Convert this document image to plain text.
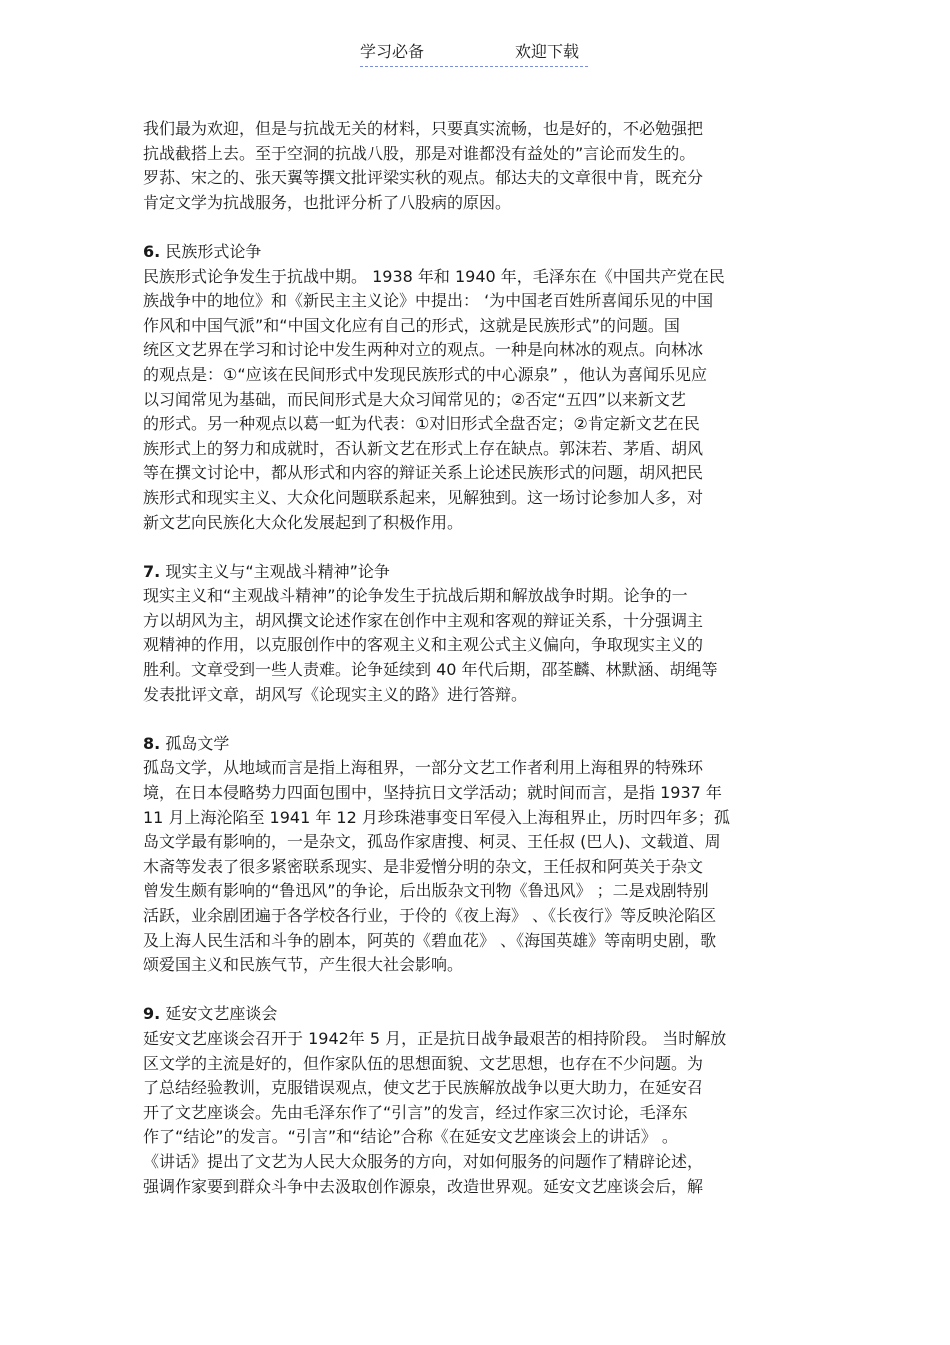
学习必备	欢迎下载
我们最为欢迎，但是与抗战无关的材料，只要真实流畅，也是好的，不必勉强把
抗战截搭上去。至于空洞的抗战八股，那是对谁都没有益处的”言论而发生的。
罗荪、宋之的、张天翼等撰文批评梁实秋的观点。郁达夫的文章很中肯，既充分
肯定文学为抗战服务，也批评分析了八股病的原因。
6. 民族形式论争
民族形式论争发生于抗战中期。 1938 年和 1940 年，毛泽东在《中国共产党在民
族战争中的地位》和《新民主主义论》中提出： ‘为中国老百姓所喜闻乐见的中国
作风和中国气派”和“中国文化应有自己的形式，这就是民族形式”的问题。国
统区文艺界在学习和讨论中发生两种对立的观点。一种是向林冰的观点。向林冰
的观点是：①“应该在民间形式中发现民族形式的中心源泉” ，他认为喜闻乐见应
以习闻常见为基础，而民间形式是大众习闻常见的；②否定“五四”以来新文艺
的形式。另一种观点以葛一虹为代表：①对旧形式全盘否定；②肯定新文艺在民
族形式上的努力和成就时，否认新文艺在形式上存在缺点。郭沫若、茅盾、胡风
等在撰文讨论中，都从形式和内容的辩证关系上论述民族形式的问题，胡风把民
族形式和现实主义、大众化问题联系起来，见解独到。这一场讨论参加人多，对
新文艺向民族化大众化发展起到了积极作用。
7. 现实主义与“主观战斗精神”论争
现实主义和“主观战斗精神”的论争发生于抗战后期和解放战争时期。论争的一
方以胡风为主，胡风撰文论述作家在创作中主观和客观的辩证关系，十分强调主
观精神的作用，以克服创作中的客观主义和主观公式主义偏向，争取现实主义的
胜利。文章受到一些人责难。论争延续到 40 年代后期，邵荃麟、林默涵、胡绳等
发表批评文章，胡风写《论现实主义的路》进行答辩。
8. 孤岛文学
孤岛文学，从地域而言是指上海租界，一部分文艺工作者利用上海租界的特殊环
境，在日本侵略势力四面包围中，坚持抗日文学活动；就时间而言，是指 1937 年
11 月上海沦陷至 1941 年 12 月珍珠港事变日军侵入上海租界止，历时四年多；孤
岛文学最有影响的，一是杂文，孤岛作家唐搜、柯灵、王任叔 (巴人)、文载道、周
木斋等发表了很多紧密联系现实、是非爱憎分明的杂文，王任叔和阿英关于杂文
曾发生颇有影响的“鲁迅风”的争论，后出版杂文刊物《鲁迅风》 ；二是戏剧特别
活跃，业余剧团遍于各学校各行业，于伶的《夜上海》 、《长夜行》等反映沦陷区
及上海人民生活和斗争的剧本，阿英的《碧血花》 、《海国英雄》等南明史剧，歌
颂爱国主义和民族气节，产生很大社会影响。
9. 延安文艺座谈会
延安文艺座谈会召开于 1942年 5 月，正是抗日战争最艰苦的相持阶段。 当时解放
区文学的主流是好的，但作家队伍的思想面貌、文艺思想，也存在不少问题。为
了总结经验教训，克服错误观点，使文艺于民族解放战争以更大助力，在延安召
开了文艺座谈会。先由毛泽东作了“引言”的发言，经过作家三次讨论，毛泽东
作了“结论”的发言。“引言”和“结论”合称《在延安文艺座谈会上的讲话》 。
《讲话》提出了文艺为人民大众服务的方向，对如何服务的问题作了精辟论述，
强调作家要到群众斗争中去汲取创作源泉，改造世界观。延安文艺座谈会后，解
